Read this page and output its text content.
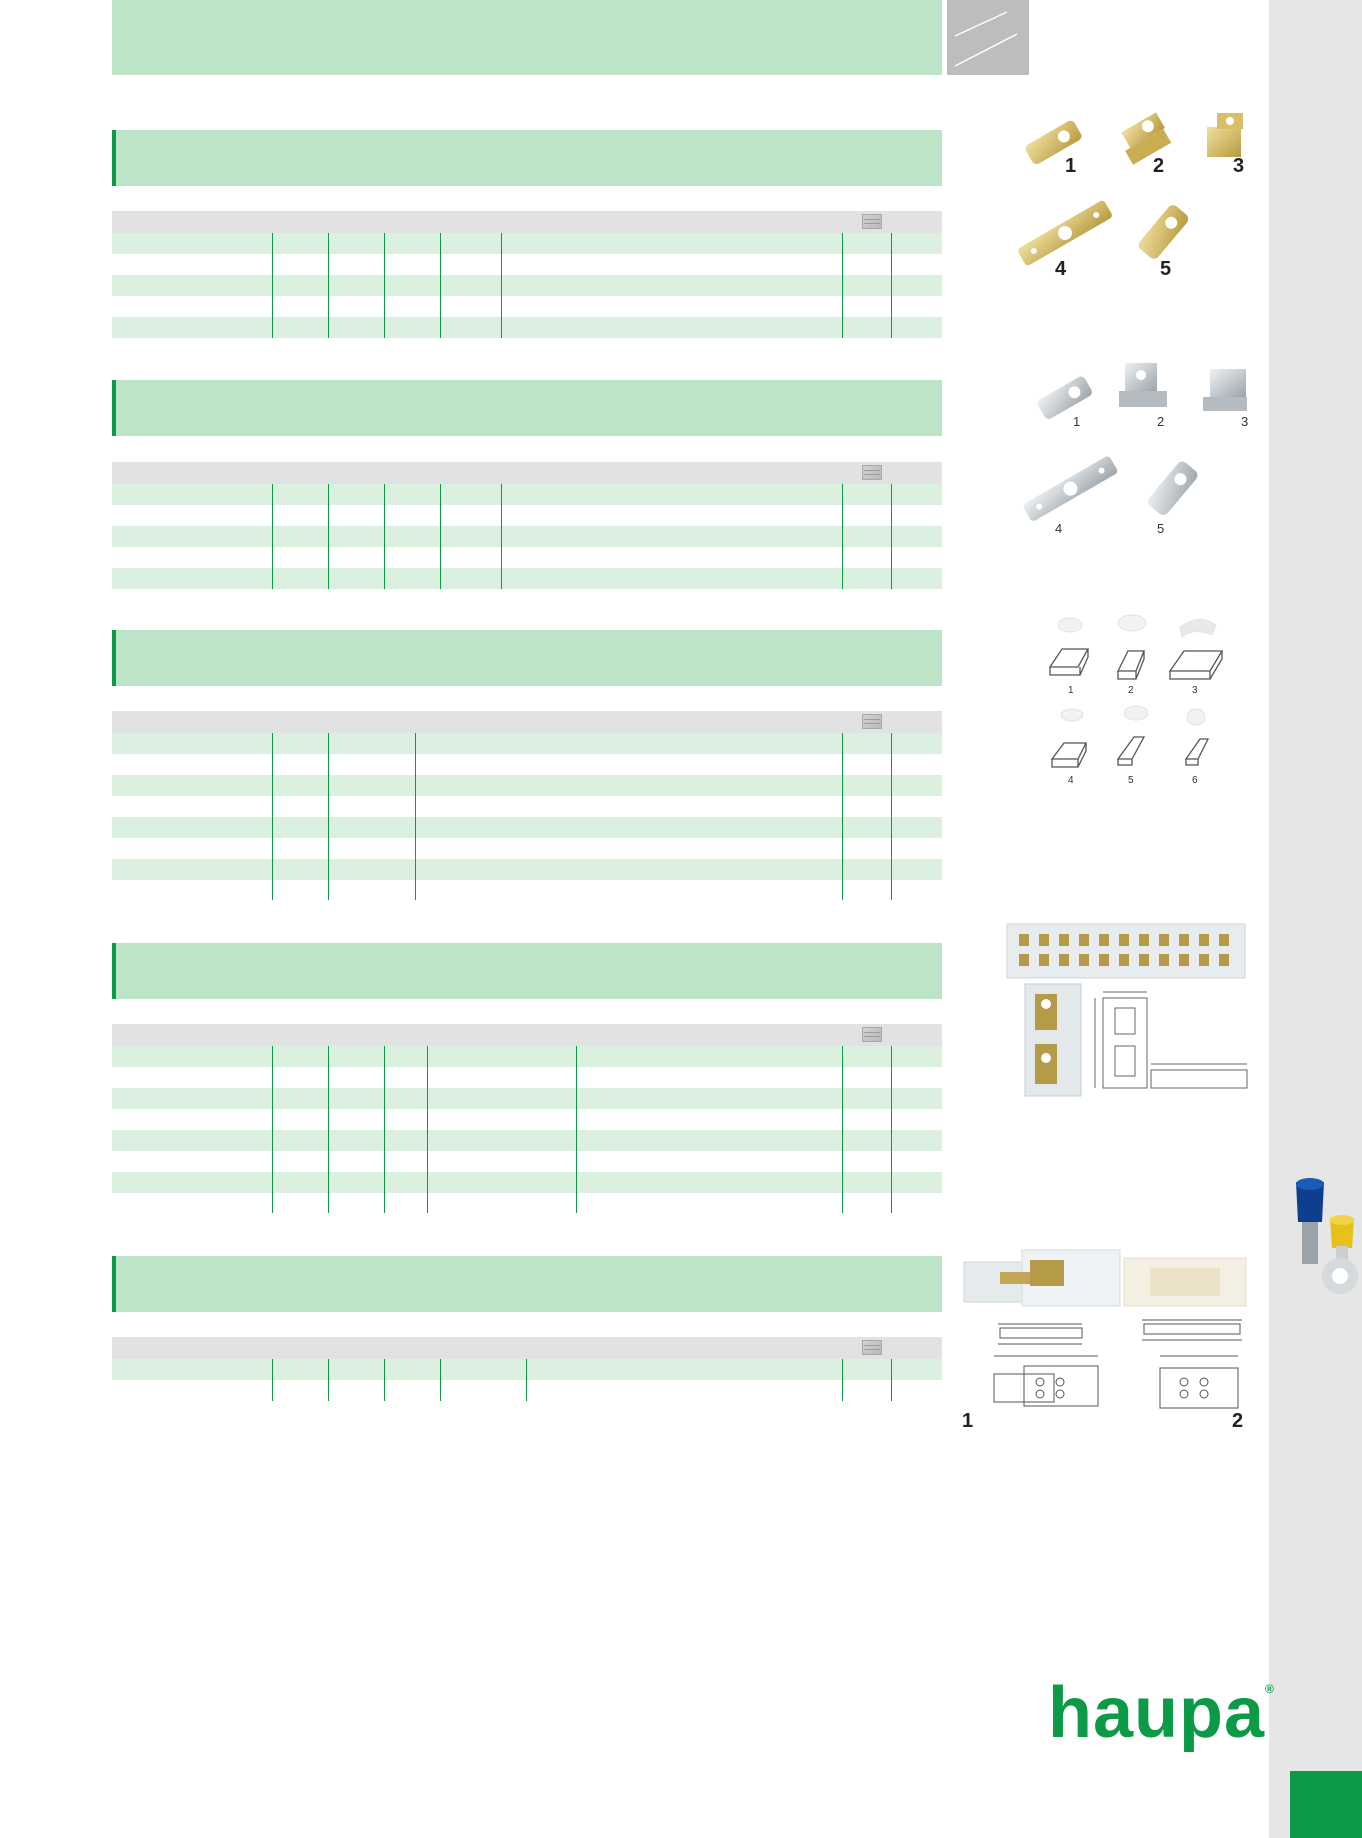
1	2	3
4	5
1	2	3
4	5
1	2	3
4	5	6
1	2
haupa®
